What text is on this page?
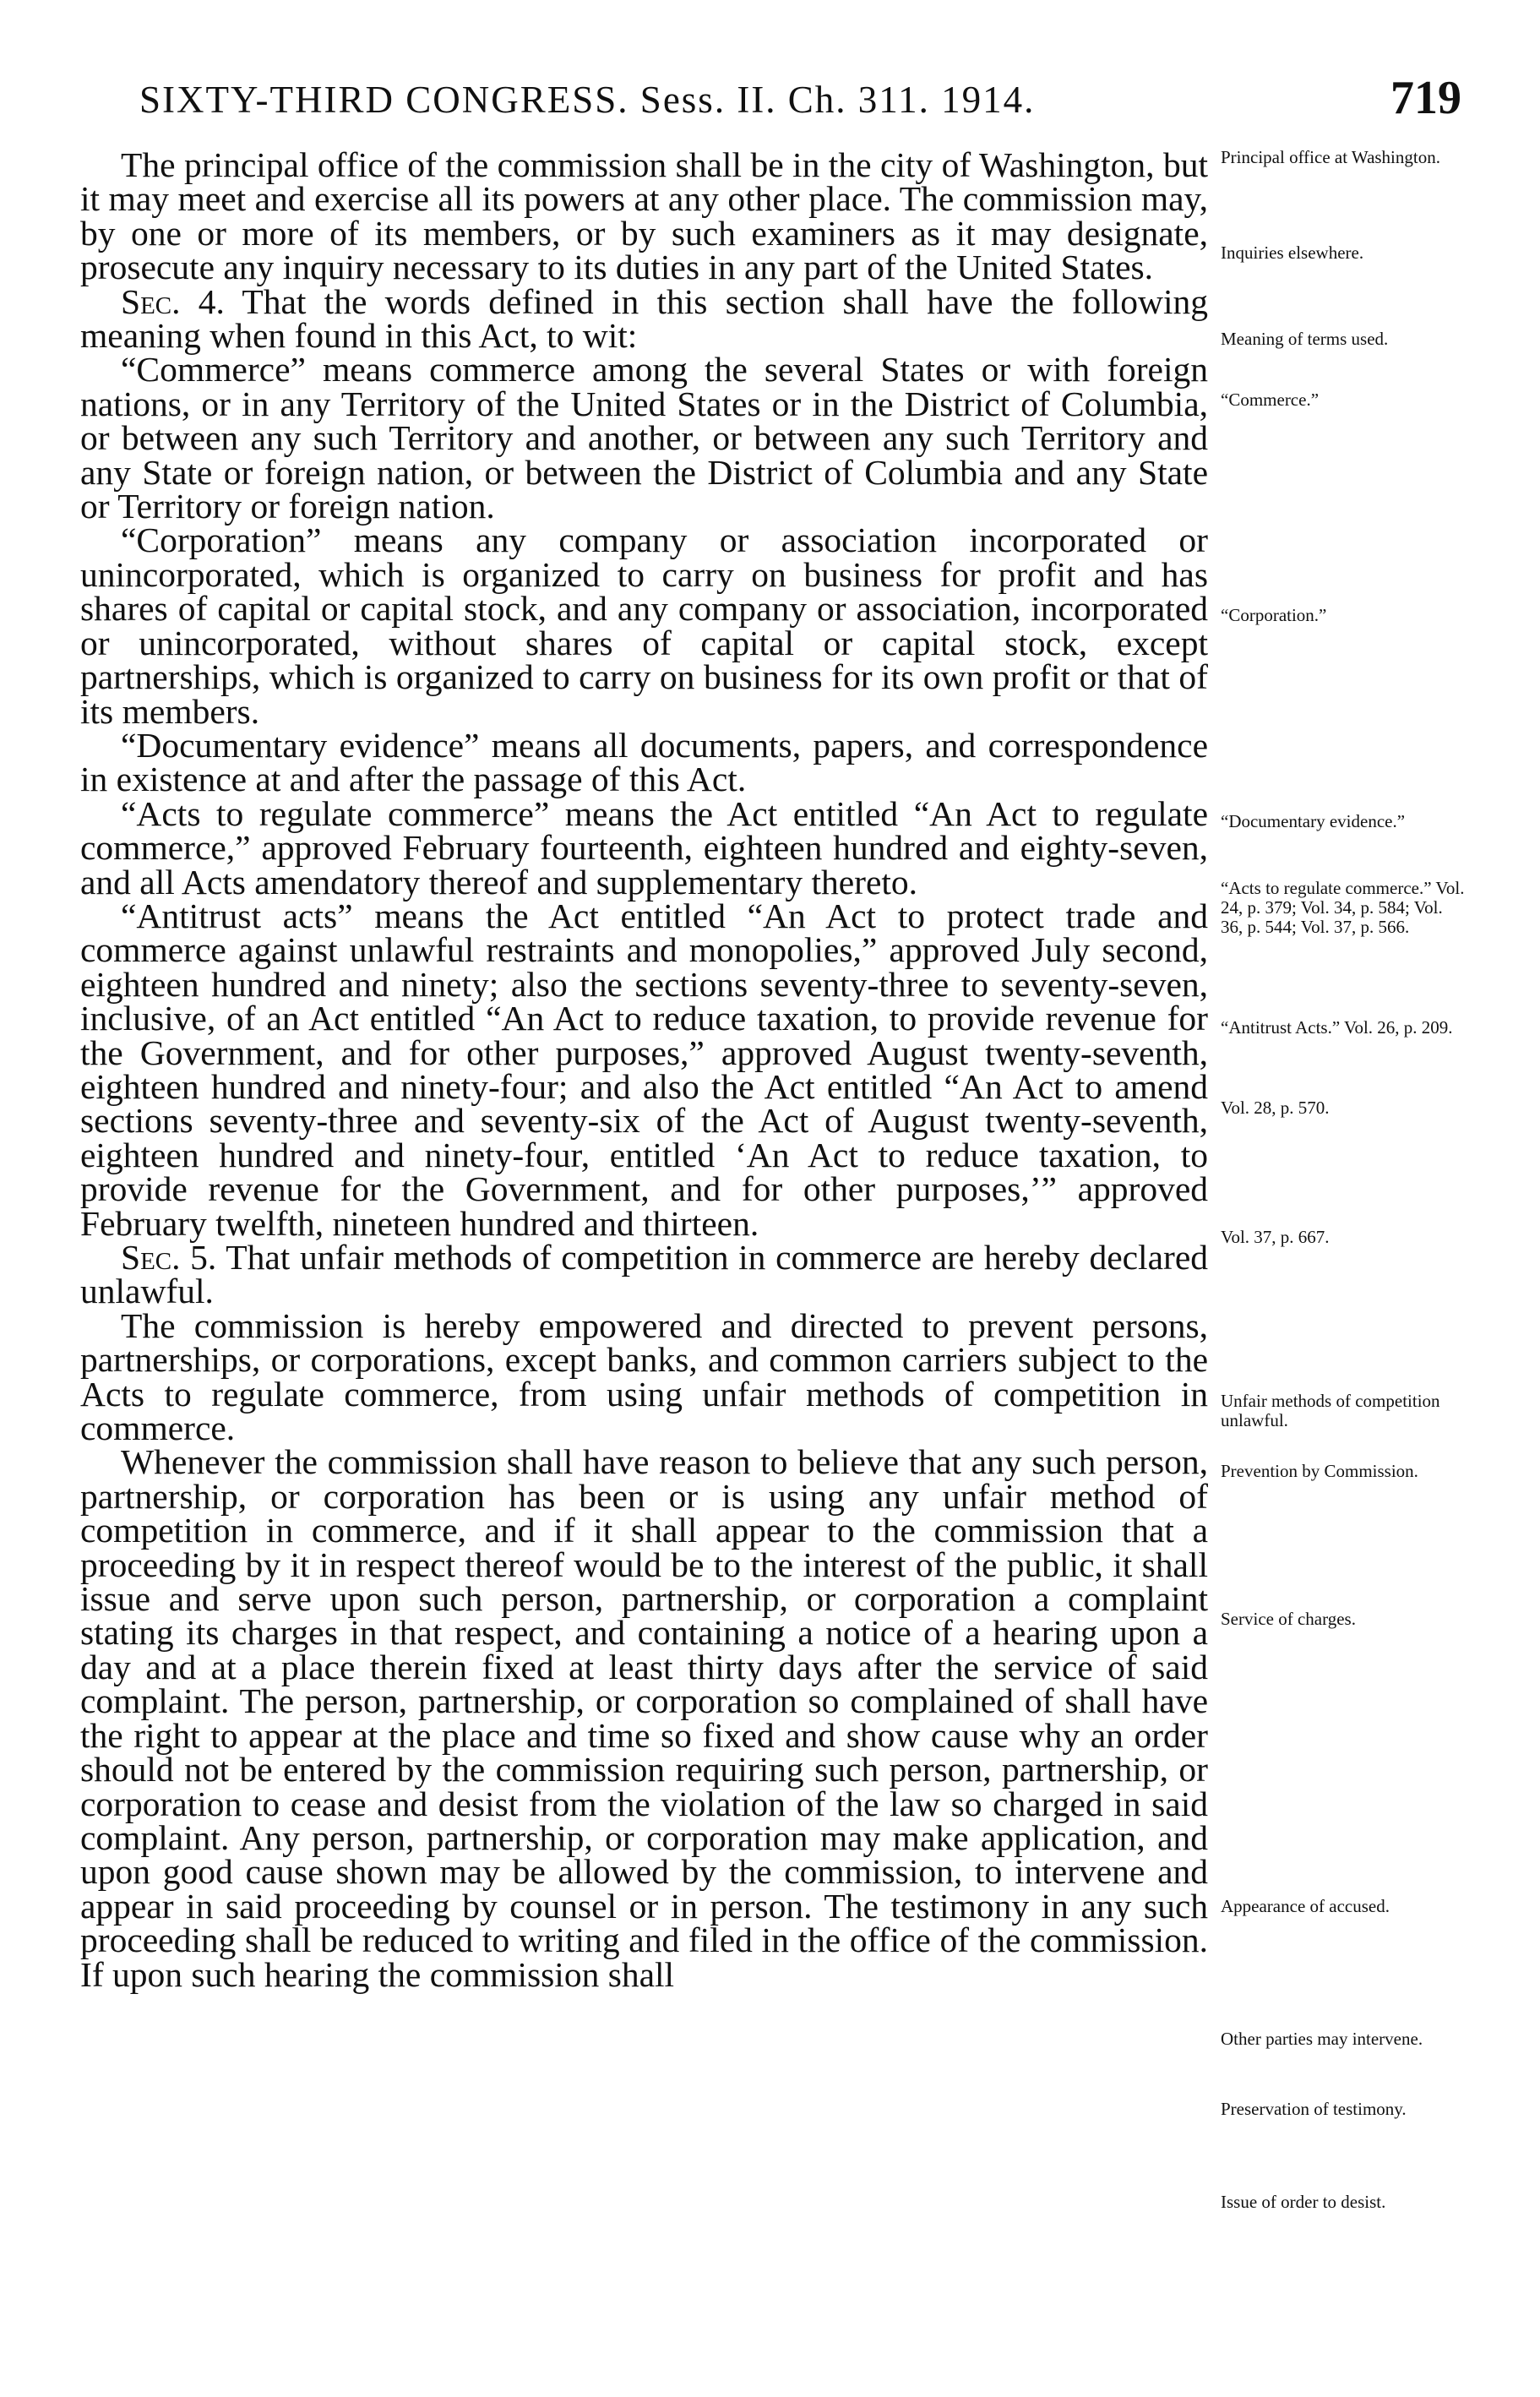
SIXTY-THIRD CONGRESS. Sess. II. Ch. 311. 1914.	719

The principal office of the commission shall be in the city of Washington, but it may meet and exercise all its powers at any other place. The commission may, by one or more of its members, or by such examiners as it may designate, prosecute any inquiry necessary to its duties in any part of the United States.

Sec. 4. That the words defined in this section shall have the following meaning when found in this Act, to wit:

“Commerce” means commerce among the several States or with foreign nations, or in any Territory of the United States or in the District of Columbia, or between any such Territory and another, or between any such Territory and any State or foreign nation, or between the District of Columbia and any State or Territory or foreign nation.

“Corporation” means any company or association incorporated or unincorporated, which is organized to carry on business for profit and has shares of capital or capital stock, and any company or association, incorporated or unincorporated, without shares of capital or capital stock, except partnerships, which is organized to carry on business for its own profit or that of its members.

“Documentary evidence” means all documents, papers, and correspondence in existence at and after the passage of this Act.

“Acts to regulate commerce” means the Act entitled “An Act to regulate commerce,” approved February fourteenth, eighteen hundred and eighty-seven, and all Acts amendatory thereof and supplementary thereto.

“Antitrust acts” means the Act entitled “An Act to protect trade and commerce against unlawful restraints and monopolies,” approved July second, eighteen hundred and ninety; also the sections seventy-three to seventy-seven, inclusive, of an Act entitled “An Act to reduce taxation, to provide revenue for the Government, and for other purposes,” approved August twenty-seventh, eighteen hundred and ninety-four; and also the Act entitled “An Act to amend sections seventy-three and seventy-six of the Act of August twenty-seventh, eighteen hundred and ninety-four, entitled ‘An Act to reduce taxation, to provide revenue for the Government, and for other purposes,’” approved February twelfth, nineteen hundred and thirteen.

Sec. 5. That unfair methods of competition in commerce are hereby declared unlawful.

The commission is hereby empowered and directed to prevent persons, partnerships, or corporations, except banks, and common carriers subject to the Acts to regulate commerce, from using unfair methods of competition in commerce.

Whenever the commission shall have reason to believe that any such person, partnership, or corporation has been or is using any unfair method of competition in commerce, and if it shall appear to the commission that a proceeding by it in respect thereof would be to the interest of the public, it shall issue and serve upon such person, partnership, or corporation a complaint stating its charges in that respect, and containing a notice of a hearing upon a day and at a place therein fixed at least thirty days after the service of said complaint. The person, partnership, or corporation so complained of shall have the right to appear at the place and time so fixed and show cause why an order should not be entered by the commission requiring such person, partnership, or corporation to cease and desist from the violation of the law so charged in said complaint. Any person, partnership, or corporation may make application, and upon good cause shown may be allowed by the commission, to intervene and appear in said proceeding by counsel or in person. The testimony in any such proceeding shall be reduced to writing and filed in the office of the commission. If upon such hearing the commission shall

Principal office at Washington.
Inquiries elsewhere.
Meaning of terms used.
“Commerce.”
“Corporation.”
“Documentary evidence.”
“Acts to regulate commerce.” Vol. 24, p. 379; Vol. 34, p. 584; Vol. 36, p. 544; Vol. 37, p. 566.
“Antitrust Acts.” Vol. 26, p. 209.
Vol. 28, p. 570.
Vol. 37, p. 667.
Unfair methods of competition unlawful.
Prevention by Commission.
Service of charges.
Appearance of accused.
Other parties may intervene.
Preservation of testimony.
Issue of order to desist.
